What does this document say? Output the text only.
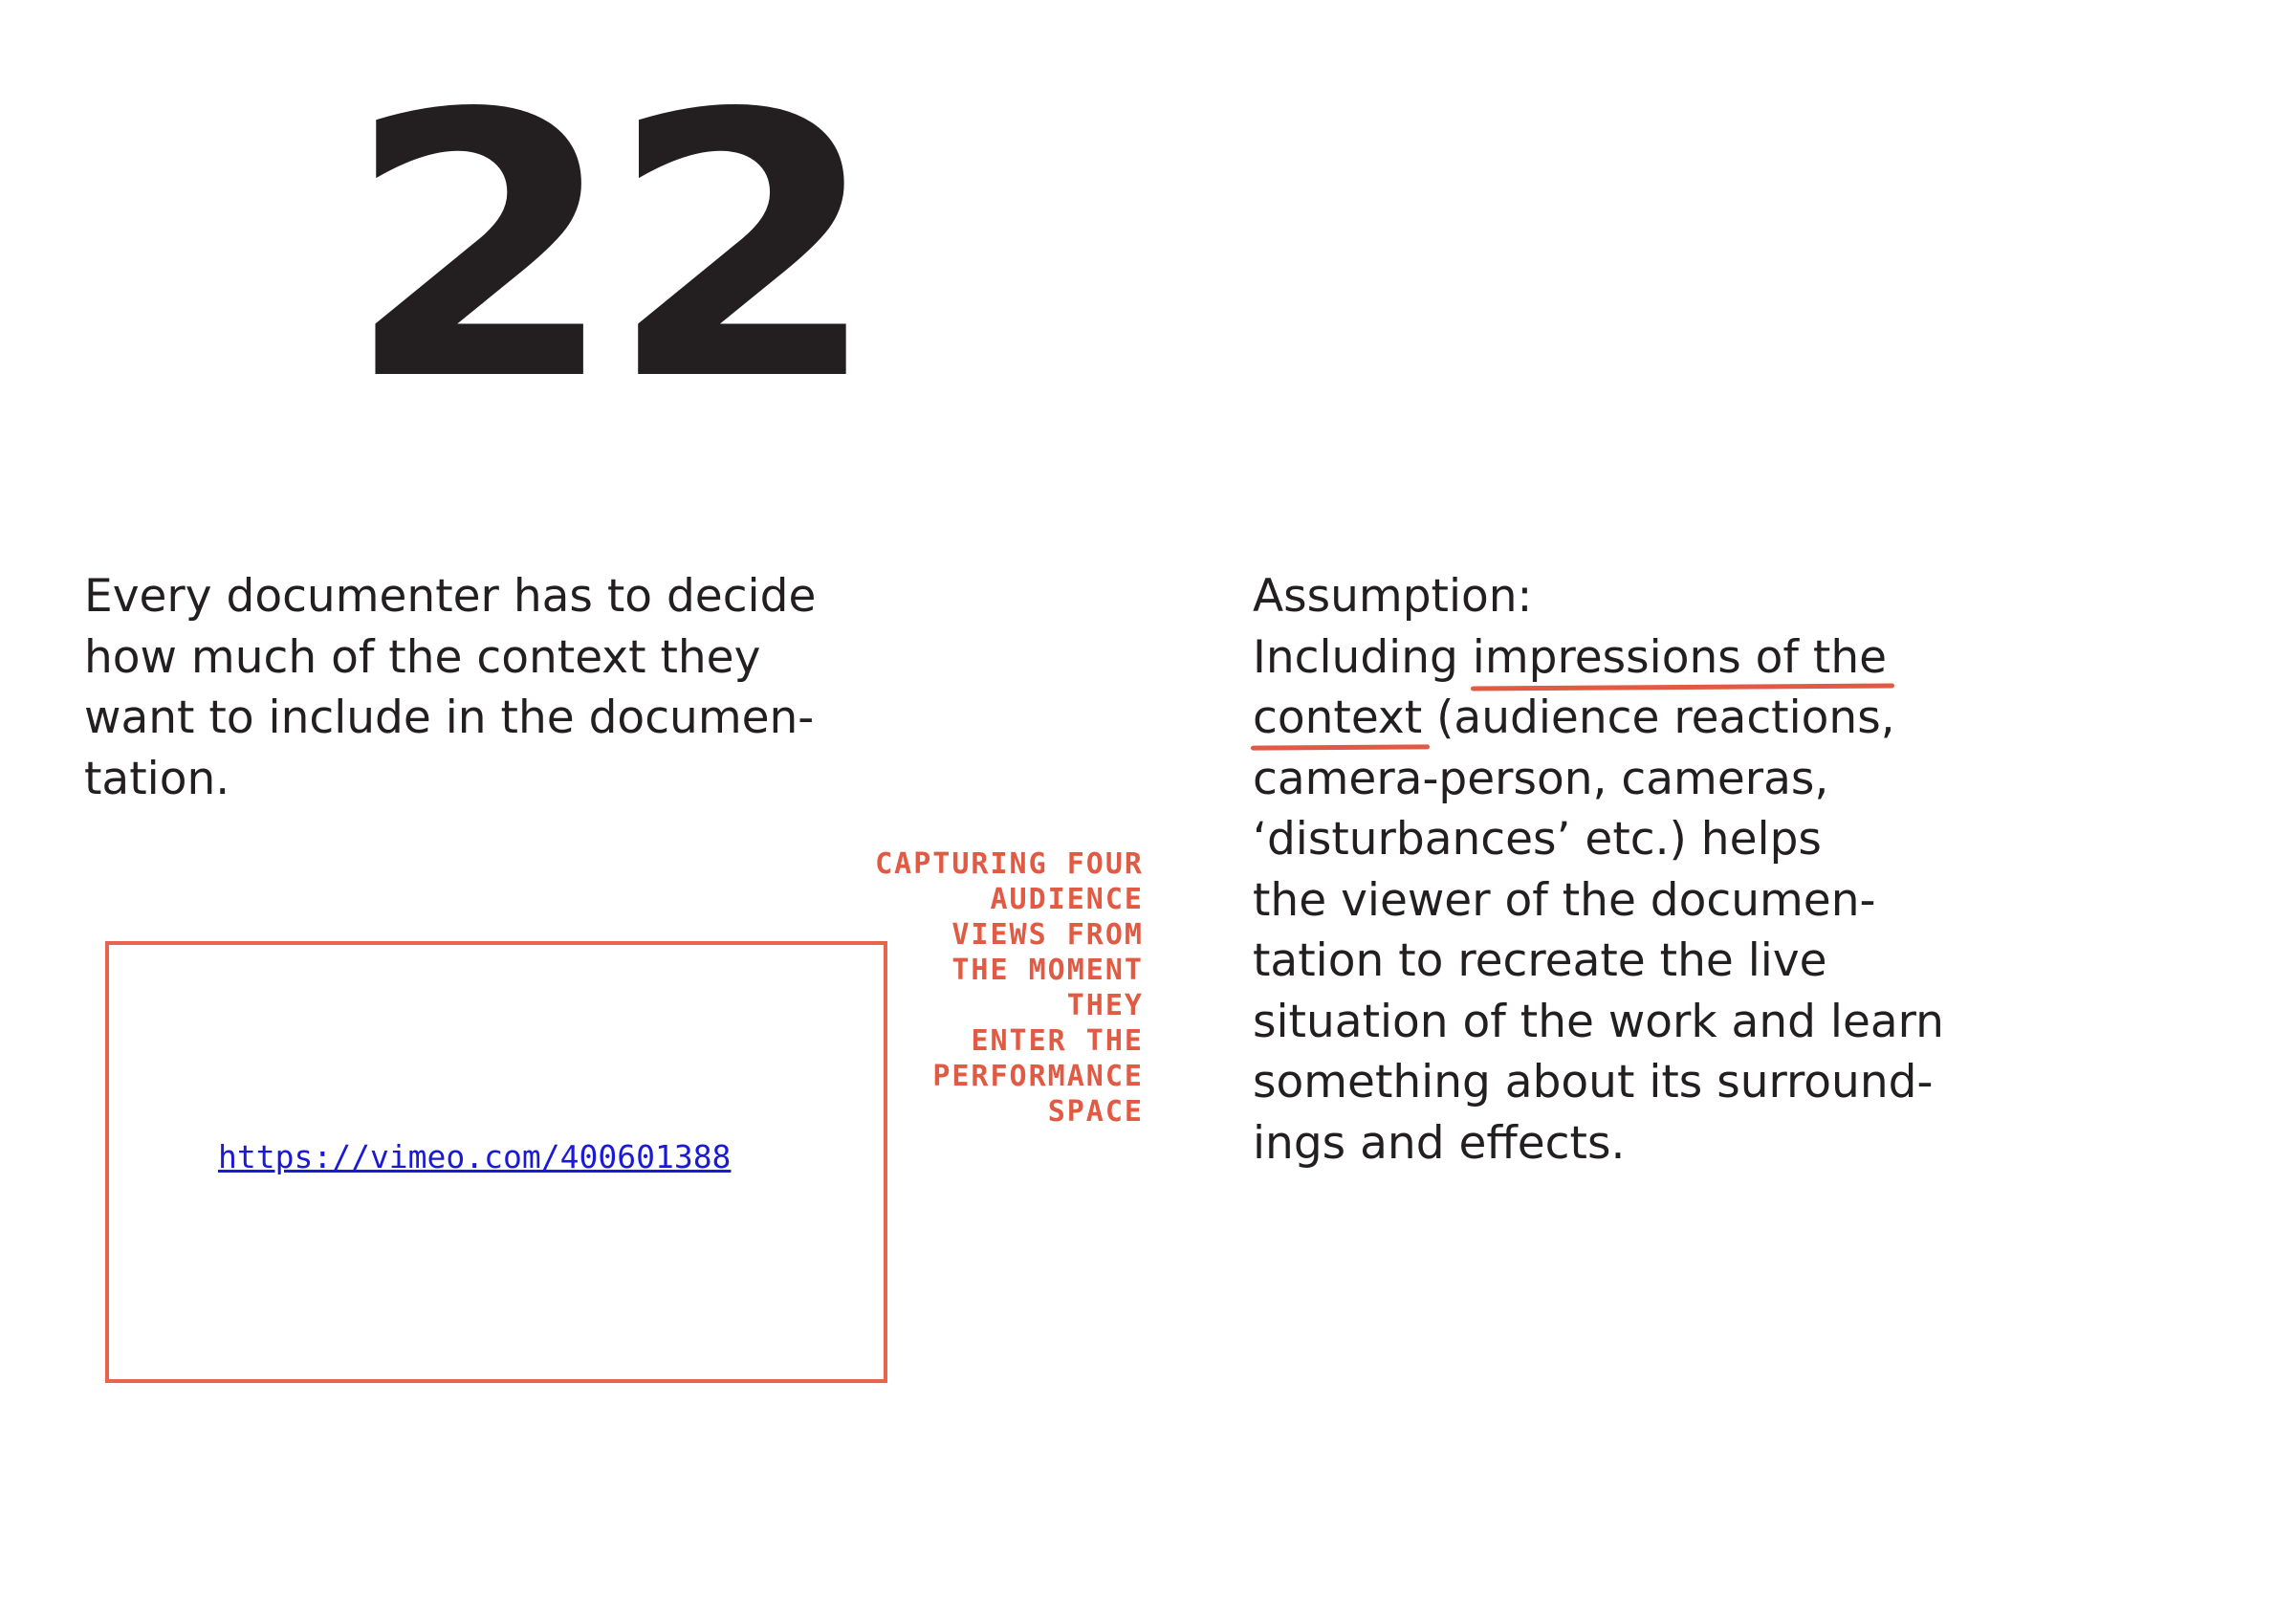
22
Every documenter has to decide
how much of the context they
want to include in the documen-
tation.
Assumption:
Including impressions of the
context (audience reactions,
camera-person, cameras,
‘disturbances’ etc.) helps
the viewer of the documen-
tation to recreate the live
situation of the work and learn
something about its surround-
ings and effects.
https://vimeo.com/400601388
CAPTURING FOUR
AUDIENCE
VIEWS FROM
THE MOMENT
THEY
ENTER THE
PERFORMANCE
SPACE
